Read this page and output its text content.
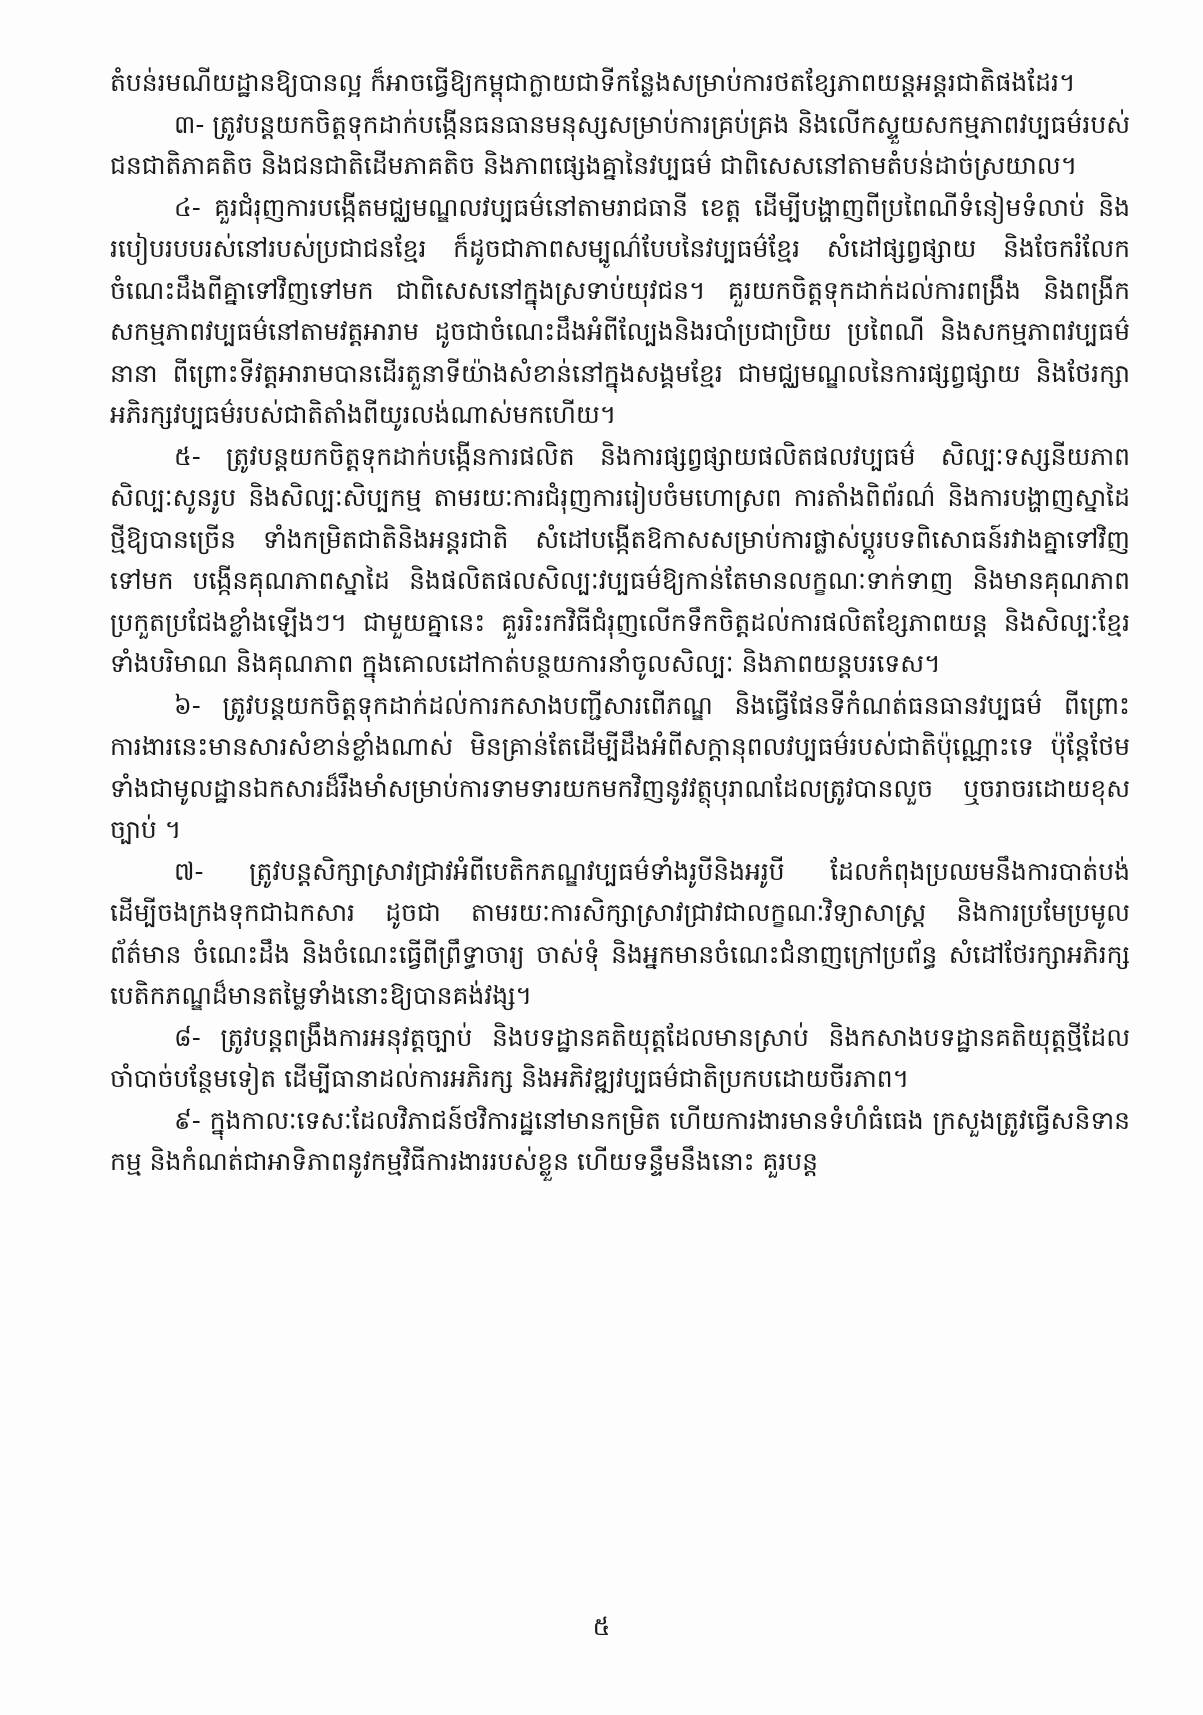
តំបន់រមណីយដ្ឋានឱ្យបានល្អ ក៏អាចធ្វើឱ្យកម្ពុជាក្លាយជាទីកន្លែងសម្រាប់ការថតខ្សែភាពយន្តអន្តរជាតិផងដែរ។

៣- ត្រូវបន្តយកចិត្តទុកដាក់បង្កើនធនធានមនុស្សសម្រាប់ការគ្រប់គ្រង និងលើកស្ទួយសកម្មភាពវប្បធម៌របស់ជនជាតិភាគតិច និងជនជាតិដើមភាគតិច និងភាពផ្សេងគ្នានៃវប្បធម៌ ជាពិសេសនៅតាមតំបន់ដាច់ស្រយាល។

៤- គួរជំរុញការបង្កើតមជ្ឈមណ្ឌលវប្បធម៌នៅតាមរាជធានី ខេត្ត ដើម្បីបង្ហាញពីប្រពៃណីទំនៀមទំលាប់ និងរបៀបរបបរស់នៅរបស់ប្រជាជនខ្មែរ ក៏ដូចជាភាពសម្បូណ៌បែបនៃវប្បធម៌ខ្មែរ សំដៅផ្សព្វផ្សាយ និងចែករំលែកចំណេះដឹងពីគ្នាទៅវិញទៅមក ជាពិសេសនៅក្នុងស្រទាប់យុវជន។ គួរយកចិត្តទុកដាក់ដល់ការពង្រឹង និងពង្រីកសកម្មភាពវប្បធម៌នៅតាមវត្តអារាម ដូចជាចំណេះដឹងអំពីល្បែងនិងរបាំប្រជាប្រិយ ប្រពៃណី និងសកម្មភាពវប្បធម៌នានា ពីព្រោះទីវត្តអារាមបានដើរតួនាទីយ៉ាងសំខាន់នៅក្នុងសង្គមខ្មែរ ជាមជ្ឈមណ្ឌលនៃការផ្សព្វផ្សាយ និងថែរក្សាអភិរក្សវប្បធម៌របស់ជាតិតាំងពីយូរលង់ណាស់មកហើយ។

៥- ត្រូវបន្តយកចិត្តទុកដាក់បង្កើនការផលិត និងការផ្សព្វផ្សាយផលិតផលវប្បធម៌ សិល្បៈទស្សនីយភាព សិល្បៈសូនរូប និងសិល្បៈសិប្បកម្ម តាមរយៈការជំរុញការរៀបចំមហោស្រព ការតាំងពិព័រណ៌ និងការបង្ហាញស្នាដៃថ្មីឱ្យបានច្រើន ទាំងកម្រិតជាតិនិងអន្តរជាតិ សំដៅបង្កើតឱកាសសម្រាប់ការផ្លាស់ប្តូរបទពិសោធន៍រវាងគ្នាទៅវិញទៅមក បង្កើនគុណភាពស្នាដៃ និងផលិតផលសិល្បៈវប្បធម៌ឱ្យកាន់តែមានលក្ខណៈទាក់ទាញ និងមានគុណភាពប្រកួតប្រជែងខ្លាំងឡើងៗ។ ជាមួយគ្នានេះ គួររិះរកវិធីជំរុញលើកទឹកចិត្តដល់ការផលិតខ្សែភាពយន្ត និងសិល្បៈខ្មែរទាំងបរិមាណ និងគុណភាព ក្នុងគោលដៅកាត់បន្ថយការនាំចូលសិល្បៈ និងភាពយន្តបរទេស។

៦- ត្រូវបន្តយកចិត្តទុកដាក់ដល់ការកសាងបញ្ជីសារពើភណ្ឌ និងធ្វើផែនទីកំណត់ធនធានវប្បធម៌ ពីព្រោះការងារនេះមានសារសំខាន់ខ្លាំងណាស់ មិនគ្រាន់តែដើម្បីដឹងអំពីសក្តានុពលវប្បធម៌របស់ជាតិប៉ុណ្ណោះទេ ប៉ុន្តែថែមទាំងជាមូលដ្ឋានឯកសារដ៏រឹងមាំសម្រាប់ការទាមទារយកមកវិញនូវវត្ថុបុរាណដែលត្រូវបានលួច ឬចរាចរដោយខុសច្បាប់ ។

៧- ត្រូវបន្តសិក្សាស្រាវជ្រាវអំពីបេតិកភណ្ឌវប្បធម៌ទាំងរូបីនិងអរូបី ដែលកំពុងប្រឈមនឹងការបាត់បង់ ដើម្បីចងក្រងទុកជាឯកសារ ដូចជា តាមរយៈការសិក្សាស្រាវជ្រាវជាលក្ខណៈវិទ្យាសាស្ត្រ និងការប្រមែប្រមូលព័ត៌មាន ចំណេះដឹង និងចំណេះធ្វើពីព្រឹទ្ធាចារ្យ ចាស់ទុំ និងអ្នកមានចំណេះជំនាញក្រៅប្រព័ន្ធ សំដៅថែរក្សាអភិរក្សបេតិកភណ្ឌដ៏មានតម្លៃទាំងនោះឱ្យបានគង់វង្ស។

៨- ត្រូវបន្តពង្រឹងការអនុវត្តច្បាប់ និងបទដ្ឋានគតិយុត្តដែលមានស្រាប់ និងកសាងបទដ្ឋានគតិយុត្តថ្មីដែលចាំបាច់បន្ថែមទៀត ដើម្បីធានាដល់ការអភិរក្ស និងអភិវឌ្ឍវប្បធម៌ជាតិប្រកបដោយចីរភាព។

៩- ក្នុងកាលៈទេសៈដែលវិភាជន៍ថវិការដ្ឋនៅមានកម្រិត ហើយការងារមានទំហំធំធេង ក្រសួងត្រូវធ្វើសនិទានកម្ម និងកំណត់ជាអាទិភាពនូវកម្មវិធីការងាររបស់ខ្លួន ហើយទន្ទឹមនឹងនោះ គួរបន្ត

៥
